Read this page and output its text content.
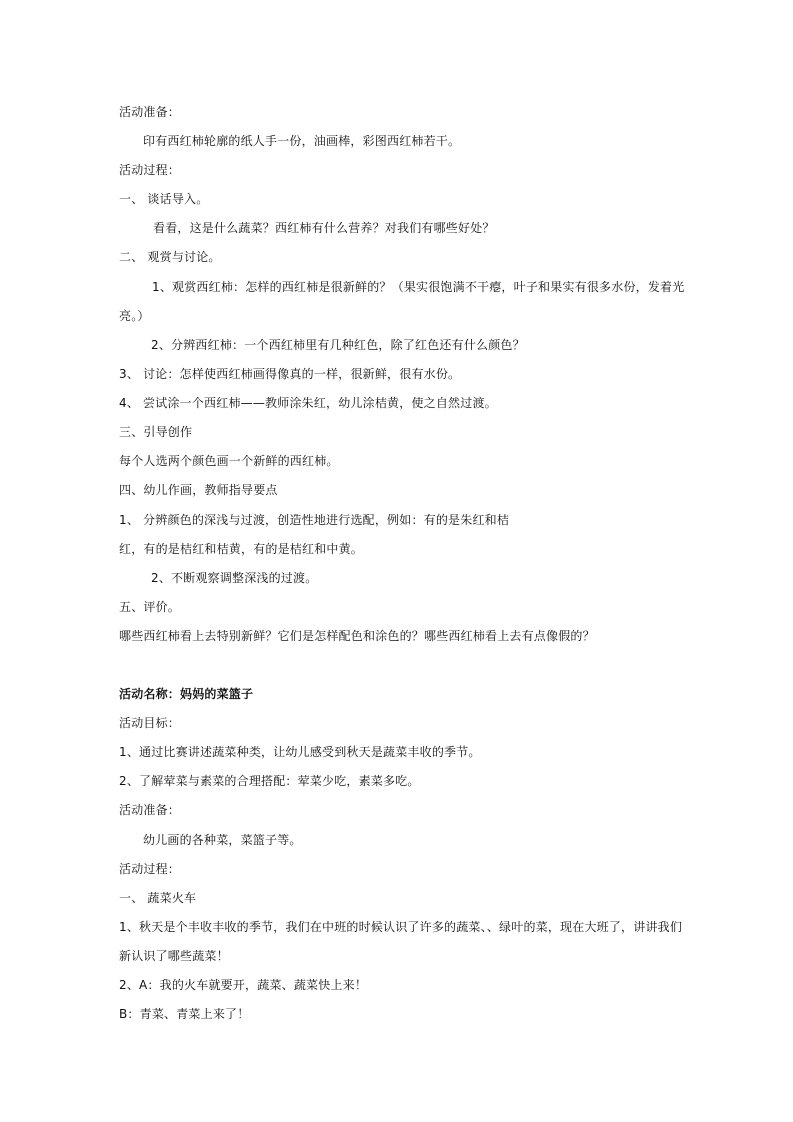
活动准备：
印有西红柿轮廓的纸人手一份，油画棒，彩图西红柿若干。
活动过程：
一、 谈话导入。
看看，这是什么蔬菜？西红柿有什么营养？对我们有哪些好处？
二、 观赏与讨论。
1、观赏西红柿：怎样的西红柿是很新鲜的？（果实很饱满不干瘪，叶子和果实有很多水份，发着光
亮。）
2、分辨西红柿：一个西红柿里有几种红色，除了红色还有什么颜色？
3、 讨论：怎样使西红柿画得像真的一样，很新鲜，很有水份。
4、 尝试涂一个西红柿——教师涂朱红，幼儿涂桔黄，使之自然过渡。
三、引导创作
每个人选两个颜色画一个新鲜的西红柿。
四、幼儿作画，教师指导要点
1、 分辨颜色的深浅与过渡，创造性地进行选配，例如：有的是朱红和桔
红，有的是桔红和桔黄，有的是桔红和中黄。
2、不断观察调整深浅的过渡。
五、评价。
哪些西红柿看上去特别新鲜？它们是怎样配色和涂色的？哪些西红柿看上去有点像假的？
活动名称：妈妈的菜篮子
活动目标：
1、通过比赛讲述蔬菜种类，让幼儿感受到秋天是蔬菜丰收的季节。
2、了解荤菜与素菜的合理搭配：荤菜少吃，素菜多吃。
活动准备：
幼儿画的各种菜，菜篮子等。
活动过程：
一、 蔬菜火车
1、秋天是个丰收丰收的季节，我们在中班的时候认识了许多的蔬菜、、绿叶的菜，现在大班了，讲讲我们
新认识了哪些蔬菜！
2、A：我的火车就要开，蔬菜、蔬菜快上来！
B：青菜、青菜上来了！
